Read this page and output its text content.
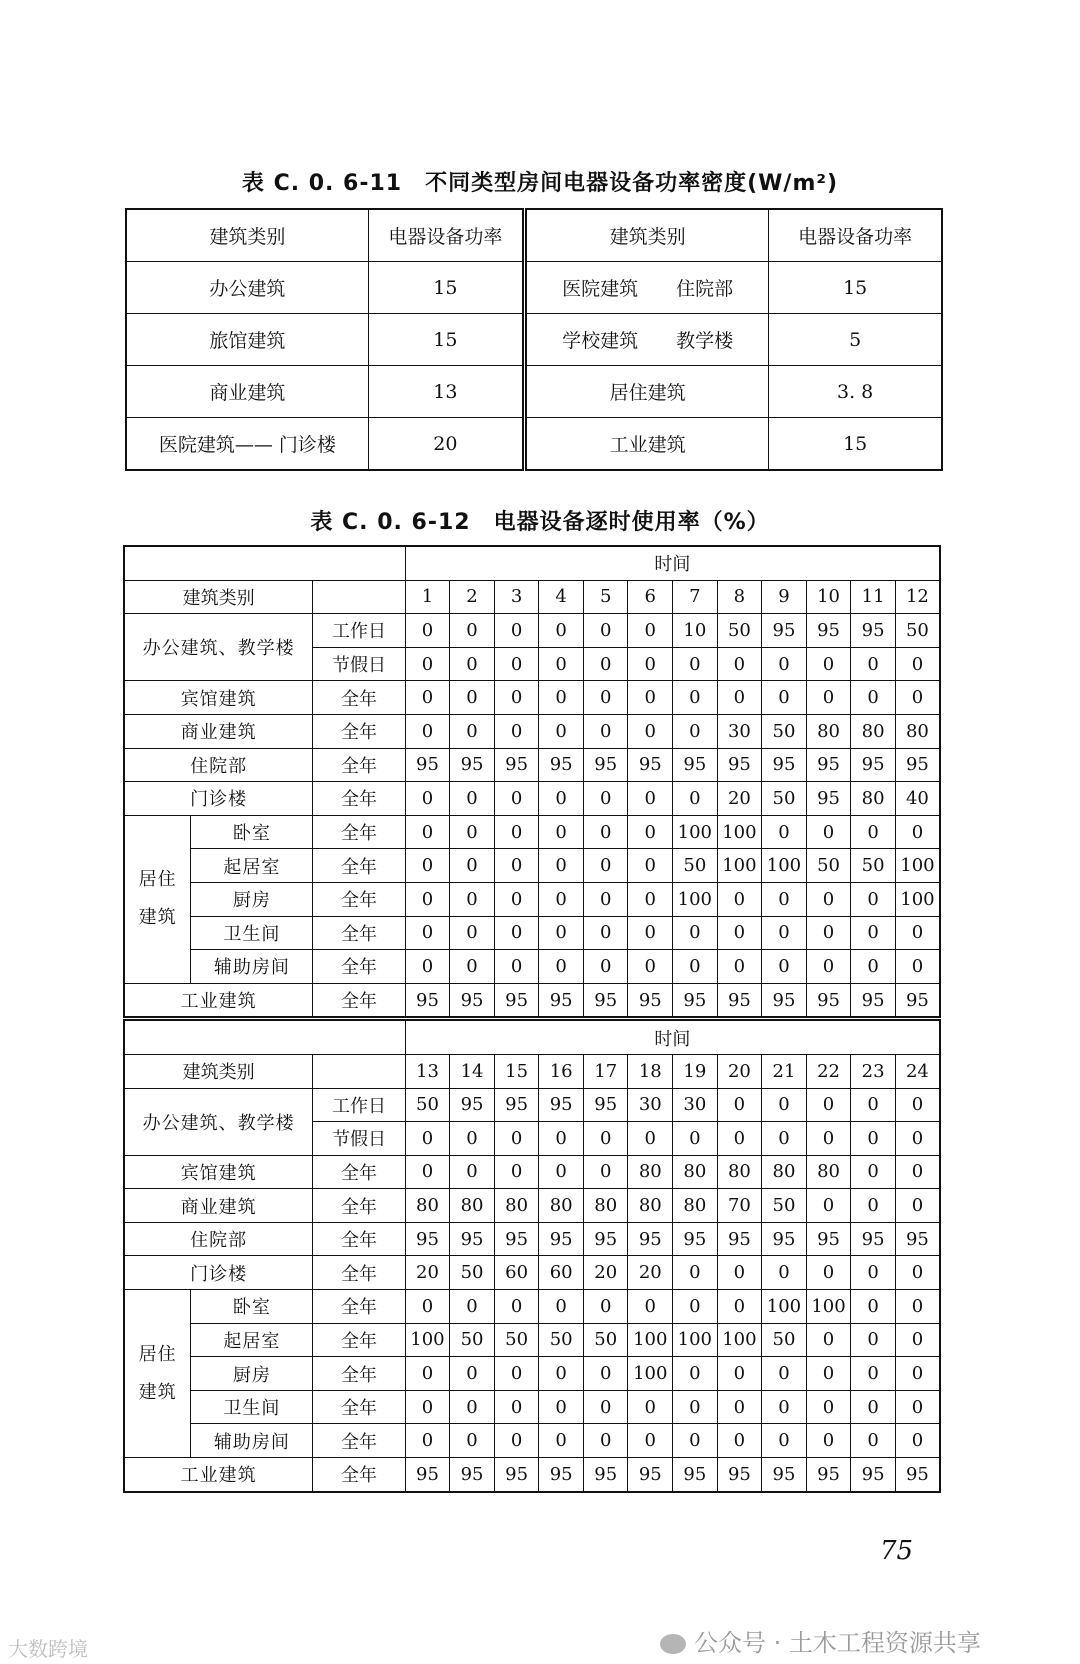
表 C. 0. 6-11　不同类型房间电器设备功率密度(W/m²)
建筑类别	电器设备功率	建筑类别	电器设备功率
办公建筑	15	医院建筑　　住院部	15
旅馆建筑	15	学校建筑　　教学楼	5
商业建筑	13	居住建筑	3. 8
医院建筑—— 门诊楼	20	工业建筑	15
表 C. 0. 6-12　电器设备逐时使用率（%）
			时间											
建筑类别			1	2	3	4	5	6	7	8	9	10	11	12
办公建筑、教学楼		工作日	0	0	0	0	0	0	10	50	95	95	95	50
		节假日	0	0	0	0	0	0	0	0	0	0	0	0
宾馆建筑		全年	0	0	0	0	0	0	0	0	0	0	0	0
商业建筑		全年	0	0	0	0	0	0	0	30	50	80	80	80
住院部		全年	95	95	95	95	95	95	95	95	95	95	95	95
门诊楼		全年	0	0	0	0	0	0	0	20	50	95	80	40
居住建筑	卧室	全年	0	0	0	0	0	0	100	100	0	0	0	0
	起居室	全年	0	0	0	0	0	0	50	100	100	50	50	100
	厨房	全年	0	0	0	0	0	0	100	0	0	0	0	100
	卫生间	全年	0	0	0	0	0	0	0	0	0	0	0	0
	辅助房间	全年	0	0	0	0	0	0	0	0	0	0	0	0
工业建筑		全年	95	95	95	95	95	95	95	95	95	95	95	95
			时间											
建筑类别			13	14	15	16	17	18	19	20	21	22	23	24
办公建筑、教学楼		工作日	50	95	95	95	95	30	30	0	0	0	0	0
		节假日	0	0	0	0	0	0	0	0	0	0	0	0
宾馆建筑		全年	0	0	0	0	0	80	80	80	80	80	0	0
商业建筑		全年	80	80	80	80	80	80	80	70	50	0	0	0
住院部		全年	95	95	95	95	95	95	95	95	95	95	95	95
门诊楼		全年	20	50	60	60	20	20	0	0	0	0	0	0
居住建筑	卧室	全年	0	0	0	0	0	0	0	0	100	100	0	0
	起居室	全年	100	50	50	50	50	100	100	100	50	0	0	0
	厨房	全年	0	0	0	0	0	100	0	0	0	0	0	0
	卫生间	全年	0	0	0	0	0	0	0	0	0	0	0	0
	辅助房间	全年	0	0	0	0	0	0	0	0	0	0	0	0
工业建筑		全年	95	95	95	95	95	95	95	95	95	95	95	95
75
公众号 · 土木工程资源共享
大数跨境
